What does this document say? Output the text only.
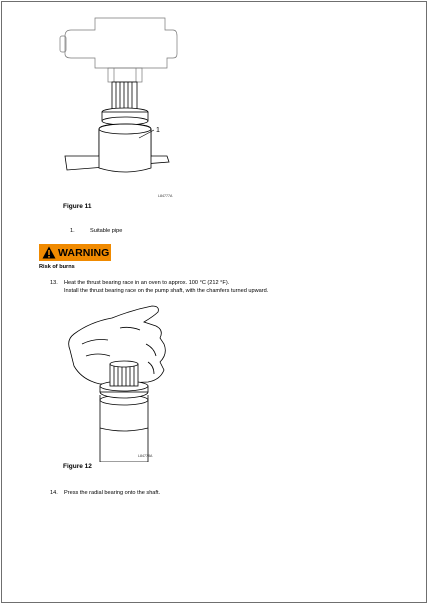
1
L84777A
Figure 11
1.	Suitable pipe
WARNING
Risk of burns
13. Heat the thrust bearing race in an oven to approx. 100 °C (212 °F).
Install the thrust bearing race on the pump shaft, with the chamfers turned upward.
L84778A
Figure 12
14. Press the radial bearing onto the shaft.
